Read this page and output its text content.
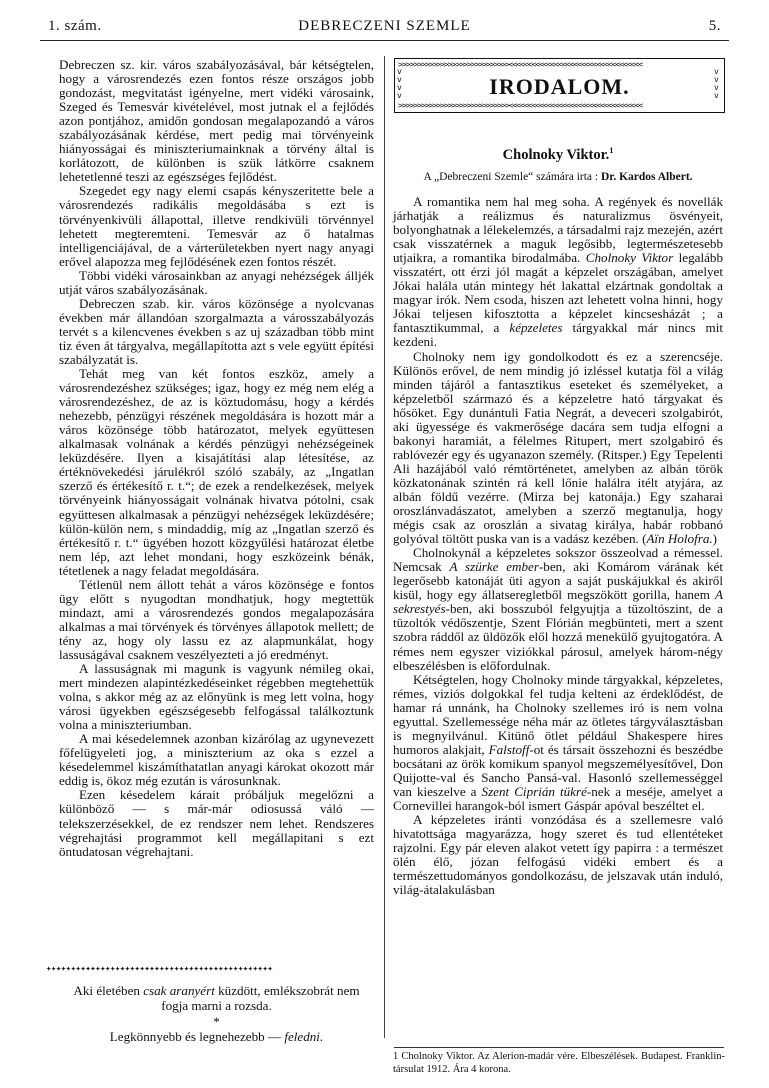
1. szám.	DEBRECZENI SZEMLE	5.

Debreczen sz. kir. város szabályozásával, bár kétségtelen, hogy a városrendezés ezen fontos része országos jobb gondozást, megvitatást igényelne, mert vidéki városaink, Szeged és Temesvár kivételével, most jutnak el a fejlődés azon pontjához, amidőn gondosan megalapozandó a város szabályozásának kérdése, mert pedig mai törvényeink hiányosságai és miniszteriumainknak a törvény által is korlátozott, de különben is szük látkörre csaknem lehetetlenné teszi az egészséges fejlődést.

Szegedet egy nagy elemi csapás kényszeritette bele a városrendezés radikális megoldásába s ezt is törvényenkivüli állapottal, illetve rendkivüli törvénnyel lehetett megteremteni. Temesvár az ő hatalmas intelligenciájával, de a várterületekben nyert nagy anyagi erővel alapozza meg fejlődésének ezen fontos részét.

Többi vidéki városainkban az anyagi nehézségek álljék utját város szabályozásának.

Debreczen szab. kir. város közönsége a nyolcvanas években már állandóan szorgalmazta a városszabályozás tervét s a kilencvenes években s az uj században több mint tiz éven át tárgyalva, megállapította azt s vele együtt építési szabályzatát is.

Tehát meg van két fontos eszköz, amely a városrendezéshez szükséges; igaz, hogy ez még nem elég a városrendezéshez, de az is köztudomásu, hogy a kérdés nehezebb, pénzügyi részének megoldására is hozott már a város közönsége több határozatot, melyek együttesen alkalmasak volnának a kérdés pénzügyi nehézségeinek leküzdésére. Ilyen a kisajátítási alap létesítése, az értéknövekedési járulékról szóló szabály, az „Ingatlan szerző és értékesítő r. t.“; de ezek a rendelkezések, melyek törvényeink hiányosságait volnának hivatva pótolni, csak együttesen alkalmasak a pénzügyi nehézségek leküzdésére; külön-külön nem, s mindaddig, míg az „Ingatlan szerző és értékesítő r. t.“ ügyében hozott közgyűlési határozat életbe nem lép, azt lehet mondani, hogy eszközeink bénák, tétetlenek a nagy feladat megoldására.

Tétlenül nem állott tehát a város közönsége e fontos ügy előtt s nyugodtan mondhatjuk, hogy megtettük mindazt, ami a városrendezés gondos megalapozására alkalmas a mai törvények és törvényes állapotok mellett; de tény az, hogy oly lassu ez az alapmunkálat, hogy lassuságával csaknem veszélyezteti a jó eredményt.

A lassuságnak mi magunk is vagyunk némileg okai, mert mindezen alapintézkedéseinket régebben megtehettük volna, s akkor még az az előnyünk is meg lett volna, hogy városi ügyekben egészségesebb felfogással találkoztunk volna a miniszteriumban.

A mai késedelemnek azonban kizárólag az ugynevezett főfelügyeleti jog, a miniszterium az oka s ezzel a késedelemmel kiszámíthatatlan anyagi károkat okozott már eddig is, ökoz még ezután is városunknak.

Ezen késedelem kárait próbáljuk megelőzni a különböző — s már-már odiosussá váló — telekszerzésekkel, de ez rendszer nem lehet. Rendszeres végrehajtási programmot kell megállapitani s ezt öntudatosan végrehajtani.

✦✦✦✦✦✦✦✦✦✦✦✦✦✦✦✦✦✦✦✦✦✦✦✦✦✦✦✦✦✦✦✦✦✦✦✦✦✦✦✦✦✦✦✦✦✦
Aki életében csak aranyért küzdött, emlékszobrát nem fogja marni a rozsda.
*
Legkönnyebb és legnehezebb — feledni.
>>>>>>>>>>>>>>>>>>>>>>>>>>>>><<<<<<<<<<<<<<<<<<<<<<<<<<<<<<<<<<<
>>>>>>>>>>>>>>>>>>>>>>>>>>>>><<<<<<<<<<<<<<<<<<<<<<<<<<<<<<<<<<<
v v v v
v v v v
IRODALOM.
Cholnoky Viktor.$^1$
A „Debreczeni Szemle“ számára irta : Dr. Kardos Albert.

A romantika nem hal meg soha. A regények és novellák járhatják a reálizmus és naturalizmus ösvényeit, bolyonghatnak a lélekelemzés, a társadalmi rajz mezején, azért csak visszatérnek a maguk legősibb, legtermészetesebb utjaikra, a romantika birodalmába. Cholnoky Viktor legalább visszatért, ott érzi jól magát a képzelet országában, amelyet Jókai halála után mintegy hét lakattal elzártnak gondoltak a magyar irók. Nem csoda, hiszen azt lehetett volna hinni, hogy Jókai teljesen kifosztotta a képzelet kincsesházát ; a fantasztikummal, a képzeletes tárgyakkal már nincs mit kezdeni.

Cholnoky nem igy gondolkodott és ez a szerencséje. Különös erővel, de nem mindig jó izléssel kutatja föl a világ minden tájáról a fantasztikus eseteket és személyeket, a képzeletből származó és a képzeletre ható tárgyakat és hősöket. Egy dunántuli Fatia Negrát, a deveceri szolgabirót, aki ügyessége és vakmerősége dacára sem tudja elfogni a bakonyi haramiát, a félelmes Ritupert, mert szolgabiró és rablóvezér egy és ugyanazon személy. (Ritsper.) Egy Tepelenti Ali hazájából való rémtörténetet, amelyben az albán török közkatonának szintén rá kell lőnie halálra itélt atyjára, az albán földű vezérre. (Mirza bej katonája.) Egy szaharai oroszlánvadászatot, amelyben a szerző megtanulja, hogy mégis csak az oroszlán a sivatag királya, habár robbanó golyóval töltött puska van is a vadász kezében. (Aïn Holofra.)

Cholnokynál a képzeletes sokszor összeolvad a rémessel. Nemcsak A szürke ember-ben, aki Komárom várának két legerősebb katonáját üti agyon a saját puskájukkal és akiről kisül, hogy egy állatseregletből megszökött gorilla, hanem A sekrestyés-ben, aki bosszuból felgyujtja a tüzoltószint, de a tüzoltók védőszentje, Szent Flórián megbünteti, mert a szent szobra ráddől az üldözők elől hozzá menekülő gyujtogatóra. A rémes nem egyszer viziókkal párosul, amelyek három-négy elbeszélésben is előfordulnak.

Kétségtelen, hogy Cholnoky minde tárgyakkal, képzeletes, rémes, viziós dolgokkal fel tudja kelteni az érdeklődést, de hamar rá unnánk, ha Cholnoky szellemes iró is nem volna egyuttal. Szellemessége néha már az ötletes tárgyválasztásban is megnyilvánul. Kitünő ötlet például Shakespere hires humoros alakjait, Falstoff-ot és társait összehozni és beszédbe bocsátani az örök komikum spanyol megszemélyesítővel, Don Quijotte-val és Sancho Pansá-val. Hasonló szellemességgel van kieszelve a Szent Ciprián tükré-nek a meséje, amelyet a Cornevillei harangok-ból ismert Gáspár apóval beszéltet el.

A képzeletes iránti vonzódása és a szellemesre való hivatottsága magyarázza, hogy szeret és tud ellentéteket rajzolni. Egy pár eleven alakot vetett így papirra : a természet ölén élő, józan felfogású vidéki embert és a természettudományos gondolkozásu, de jelszavak után induló, világ-átalakulásban

1 Cholnoky Viktor. Az Alerion-madár vére. Elbeszélések. Budapest. Franklin-társulat 1912. Ára 4 korona.
